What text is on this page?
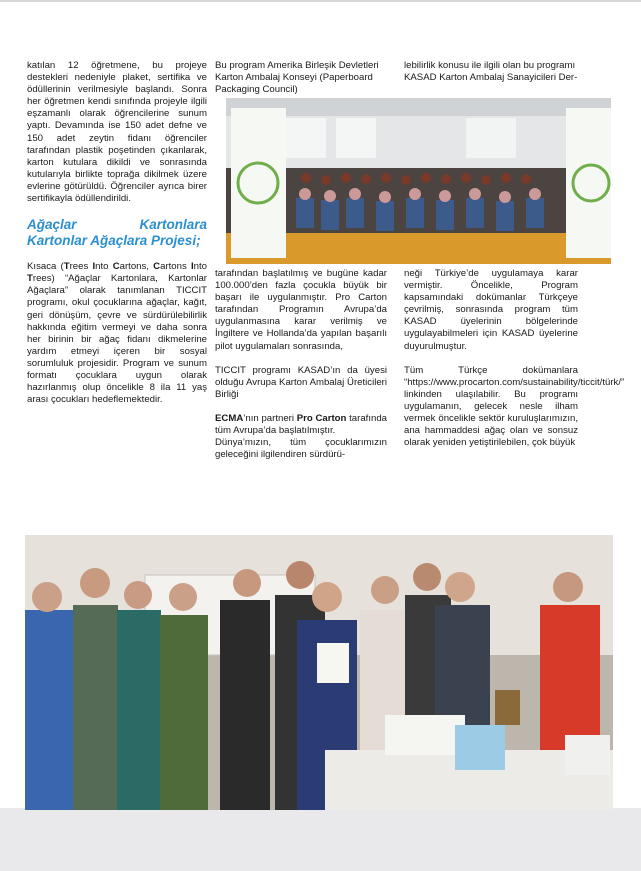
katılan 12 öğretmene, bu projeye destekleri nedeniyle plaket, sertifika ve ödüllerinin verilmesiyle başlandı. Sonra her öğretmen kendi sınıfında projeyle ilgili eşzamanlı olarak öğrencilerine sunum yaptı. Devamında ise 150 adet defne ve 150 adet zeytin fidanı öğrenciler tarafından plastik poşetinden çıkanlarak, karton kutulara dikildi ve sonrasında kutularıyla birlikte toprağa dikilmek üzere evlerine götürüldü. Öğrenciler ayrıca birer sertifikayla ödüllendirildi.

Ağaçlar Kartonlara Kartonlar Ağaçlara Projesi;

Kısaca (Trees Into Cartons, Cartons Into Trees) “Ağaçlar Kartonlara, Kartonlar Ağaçlara” olarak tanımlanan TICCIT programı, okul çocuklarına ağaçlar, kağıt, geri dönüşüm, çevre ve sürdürülebilirlik hakkında eğitim vermeyi ve daha sonra her birinin bir ağaç fidanı dikmelerine yardım etmeyi içeren bir sosyal sorumluluk projesidir. Program ve sunum formatı çocuklara uygun olarak hazırlanmış olup öncelikle 8 ila 11 yaş arası çocukları hedeflemektedir.

Bu program Amerika Birleşik Devletleri Karton Ambalaj Konseyi (Paperboard Packaging Council)

lebilirlik konusu ile ilgili olan bu programı KASAD Karton Ambalaj Sanayicileri Der-

tarafından başlatılmış ve bugüne kadar 100.000’den fazla çocukla büyük bir başarı ile uygulanmıştır. Pro Carton tarafından Programın Avrupa’da uygulanmasına karar verilmiş ve İngiltere ve Hollanda’da yapılan başarılı pilot uygulamaları sonrasında,

TICCIT programı KASAD’ın da üyesi olduğu Avrupa Karton Ambalaj Üreticileri Birliği

ECMA’nın partneri Pro Carton tarafında tüm Avrupa’da başlatılmıştır.

Dünya’mızın, tüm çocuklarımızın geleceğini ilgilendiren sürdürü-

neği Türkiye’de uygulamaya karar vermiştir. Öncelikle, Program kapsamındaki dokümanlar Türkçeye çevrilmiş, sonrasında program tüm KASAD üyelerinin bölgelerinde uygulayabilmeleri için KASAD üyelerine duyurulmuştur.

Tüm Türkçe dokümanlara “https://www.procarton.com/sustainability/ticcit/türk/” linkinden ulaşılabilir. Bu programı uygulamanın, gelecek nesle ilham vermek öncelikle sektör kuruluşlarımızın, ana hammaddesi ağaç olan ve sonsuz olarak yeniden yetiştirilebilen, çok büyük
